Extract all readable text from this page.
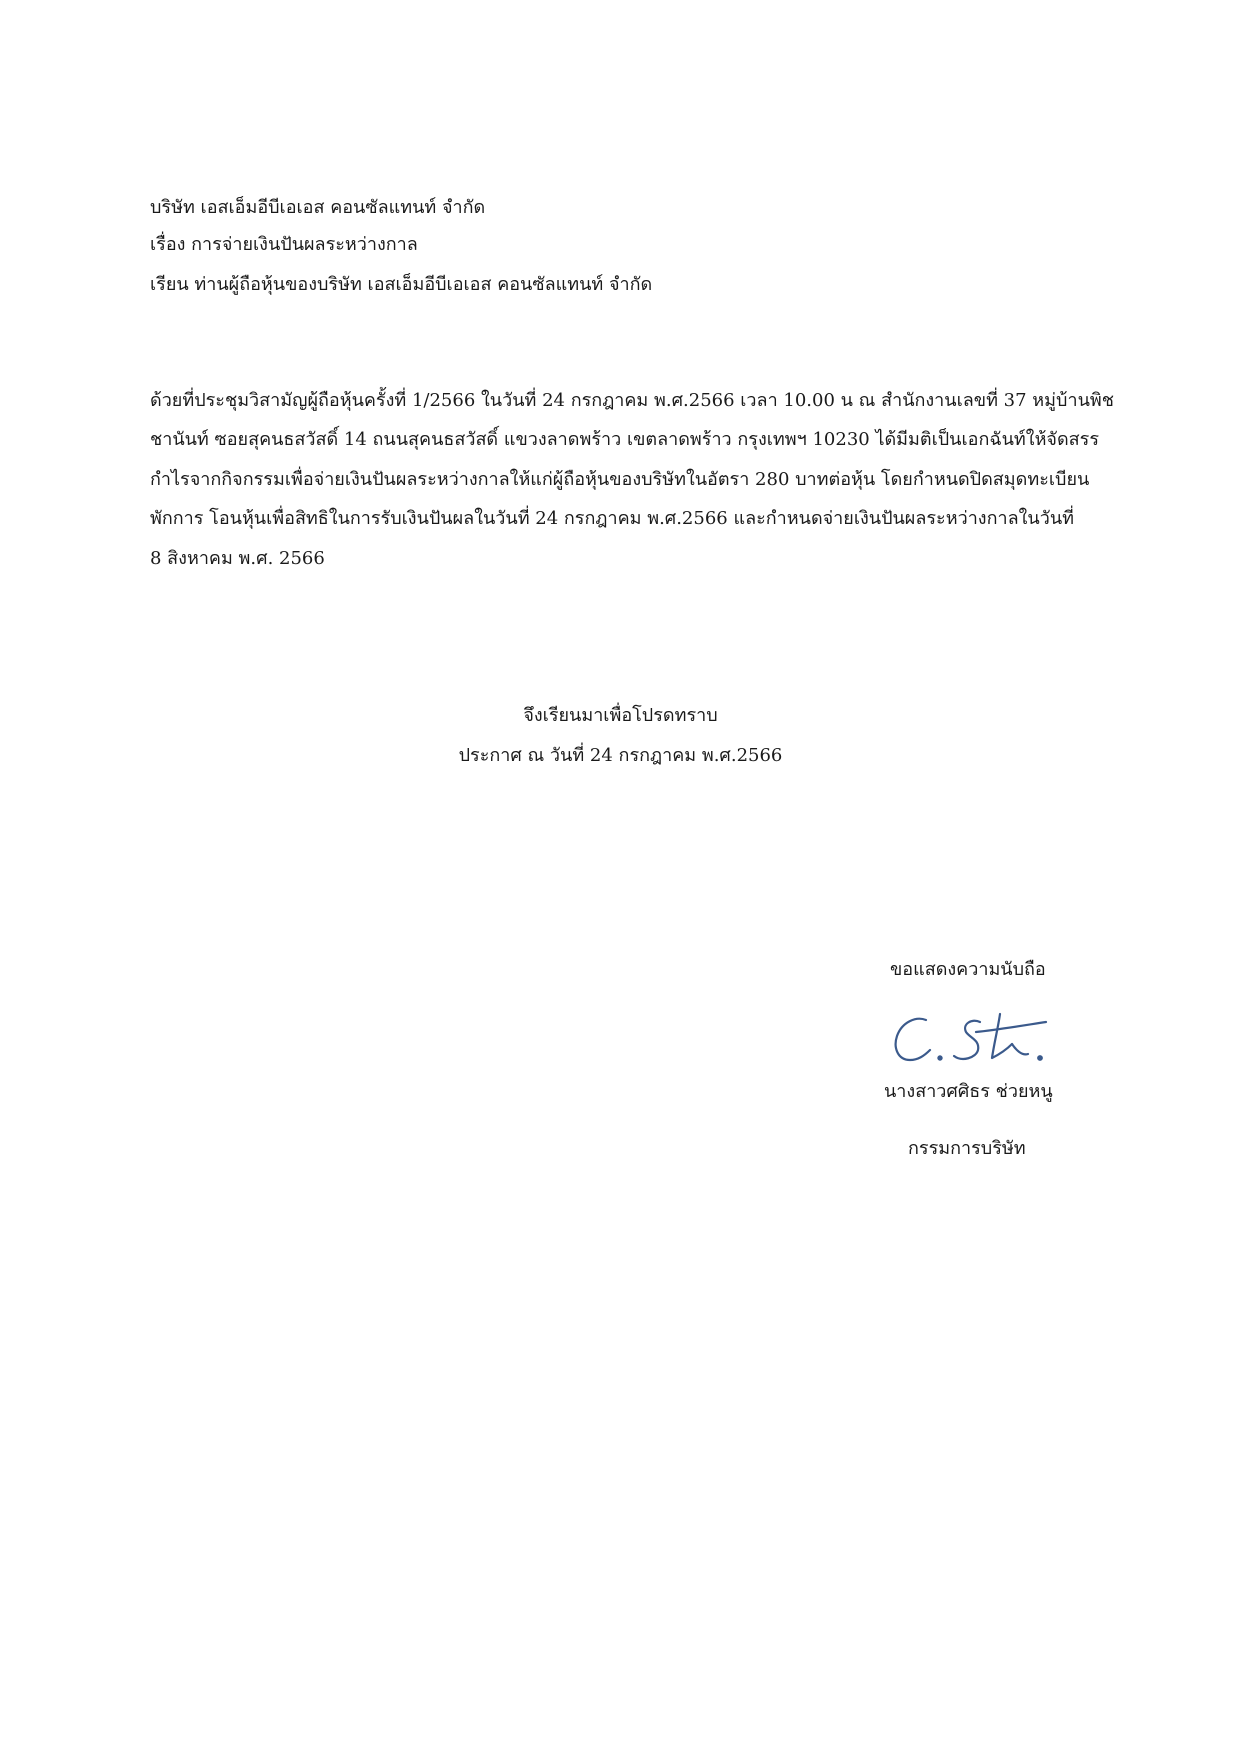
บริษัท เอสเอ็มอีบีเอเอส คอนซัลแทนท์ จำกัด
เรื่อง การจ่ายเงินปันผลระหว่างกาล
เรียน ท่านผู้ถือหุ้นของบริษัท เอสเอ็มอีบีเอเอส คอนซัลแทนท์ จำกัด
ด้วยที่ประชุมวิสามัญผู้ถือหุ้นครั้งที่ 1/2566 ในวันที่ 24 กรกฎาคม พ.ศ.2566 เวลา 10.00 น ณ สำนักงานเลขที่ 37 หมู่บ้านพิช
ชานันท์ ซอยสุคนธสวัสดิ์ 14 ถนนสุคนธสวัสดิ์ แขวงลาดพร้าว เขตลาดพร้าว กรุงเทพฯ 10230 ได้มีมติเป็นเอกฉันท์ให้จัดสรร
กำไรจากกิจกรรมเพื่อจ่ายเงินปันผลระหว่างกาลให้แก่ผู้ถือหุ้นของบริษัทในอัตรา 280 บาทต่อหุ้น โดยกำหนดปิดสมุดทะเบียน
พักการ โอนหุ้นเพื่อสิทธิในการรับเงินปันผลในวันที่ 24 กรกฎาคม พ.ศ.2566 และกำหนดจ่ายเงินปันผลระหว่างกาลในวันที่
8 สิงหาคม พ.ศ. 2566
จึงเรียนมาเพื่อโปรดทราบ
ประกาศ ณ วันที่ 24 กรกฎาคม พ.ศ.2566
ขอแสดงความนับถือ
นางสาวศศิธร ช่วยหนู
กรรมการบริษัท
